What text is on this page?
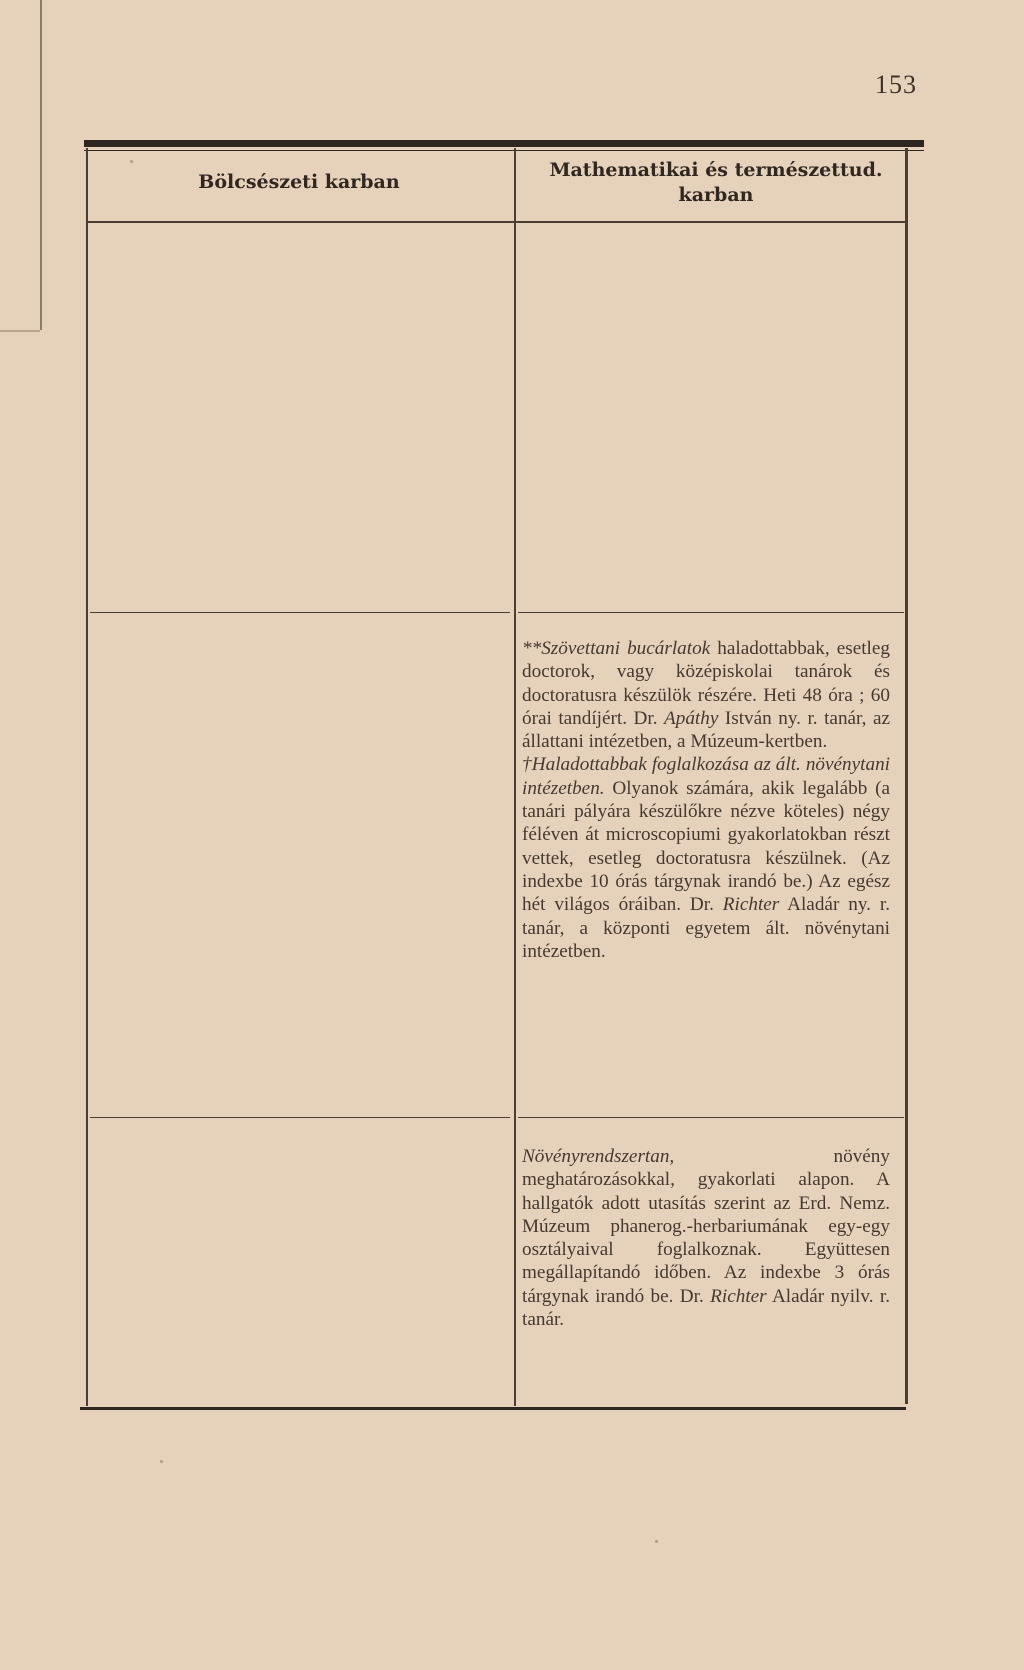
153
Bölcsészeti karban
Mathematikai és természettud. karban

**Szövettani bucárlatok haladottabbak, esetleg doctorok, vagy középiskolai tanárok és doctoratusra készülök részére. Heti 48 óra ; 60 órai tandíjért. Dr. Apáthy István ny. r. tanár, az állattani intézetben, a Múzeum-kertben.

†Haladottabbak foglalkozása az ált. növénytani intézetben. Olyanok számára, akik legalább (a tanári pályára készülőkre nézve köteles) négy féléven át microscopiumi gyakorlatokban részt vettek, esetleg doctoratusra készülnek. (Az indexbe 10 órás tárgynak irandó be.) Az egész hét világos óráiban. Dr. Richter Aladár ny. r. tanár, a központi egyetem ált. növénytani intézetben.

Növényrendszertan, növény meghatározásokkal, gyakorlati alapon. A hallgatók adott utasítás szerint az Erd. Nemz. Múzeum phanerog.-herbariumának egy-egy osztályaival foglalkoznak. Együttesen megállapítandó időben. Az indexbe 3 órás tárgynak irandó be. Dr. Richter Aladár nyilv. r. tanár.
